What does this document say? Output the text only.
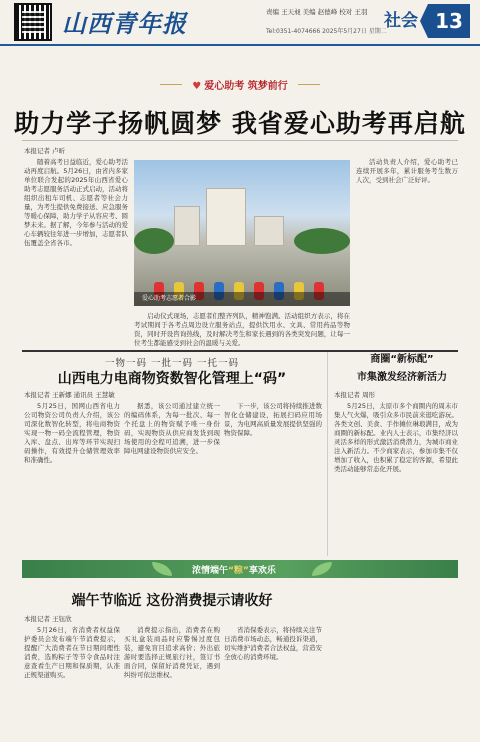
山西青年报	责编 王天昶 美编 赵德峰 校对 王羽
Tel:0351-4074666 2025年5月27日 星期二
社会 13
♥ 爱心助考 筑梦前行
助力学子扬帆圆梦 我省爱心助考再启航
本报记者 卢昕
随着高考日益临近，爱心助考活动再度启航。5月26日，由省内多家单位联合发起的2025年山西省爱心助考志愿服务活动正式启动，活动将组织出租车司机、志愿者等社会力量，为考生提供免费接送、应急服务等暖心保障，助力学子从容应考、圆梦未来。据了解，今年参与活动的爱心车辆较往年进一步增加，志愿者队伍覆盖全省各市。
爱心助考志愿者合影
启动仪式现场，志愿者们整齐列队，精神饱满。活动组织方表示，将在考试期间于各考点周边设立服务站点，提供饮用水、文具、常用药品等物资，同时开设咨询热线，及时解决考生和家长遇到的各类突发问题，让每一位考生都能感受到社会的温暖与关爱。
活动负责人介绍，爱心助考已连续开展多年，累计服务考生数万人次，受到社会广泛好评。
一物一码 一批一码 一托一码
山西电力电商物资数智化管理上“码”
本报记者 王新娜 通讯员 王慧敏
5月25日，国网山西省电力公司物资公司负责人介绍，该公司深化数智化转型，将电商物资实现一物一码全流程管理，物资入库、盘点、出库等环节实现扫码操作，有效提升仓储管理效率和准确性。
据悉，该公司通过建立统一的编码体系，为每一批次、每一个托盘上的物资赋予唯一身份码，实现物资从供应商发货到现场使用的全程可追溯，进一步保障电网建设物资供应安全。
下一步，该公司将持续推进数智化仓储建设，拓展扫码应用场景，为电网高质量发展提供坚强的物资保障。
商圈“新标配”
市集激发经济新活力
本报记者 周彤
5月25日，太原市多个商圈内的周末市集人气火爆，吸引众多市民前来逛吃游玩。各类文创、美食、手作摊位琳琅满目，成为商圈的新标配。业内人士表示，市集经济以灵活多样的形式激活消费潜力，为城市商业注入新活力。不少商家表示，参加市集不仅增加了收入，也积累了稳定的客源，希望此类活动能够常态化开展。
浓情端午“粽”享欢乐
端午节临近 这份消费提示请收好
本报记者 王钰欣
5月26日，省消费者权益保护委员会发布端午节消费提示，提醒广大消费者在节日期间理性消费，选购粽子等节令食品时注意查看生产日期和保质期，认准正规渠道购买。
消费提示指出，消费者在购买礼盒装商品时应警惕过度包装，避免盲目追求高价；外出旅游时要选择正规旅行社，签订书面合同，保留好消费凭证，遇到纠纷可依法维权。
省消保委表示，将持续关注节日消费市场动态，畅通投诉渠道，切实维护消费者合法权益，营造安全放心的消费环境。
